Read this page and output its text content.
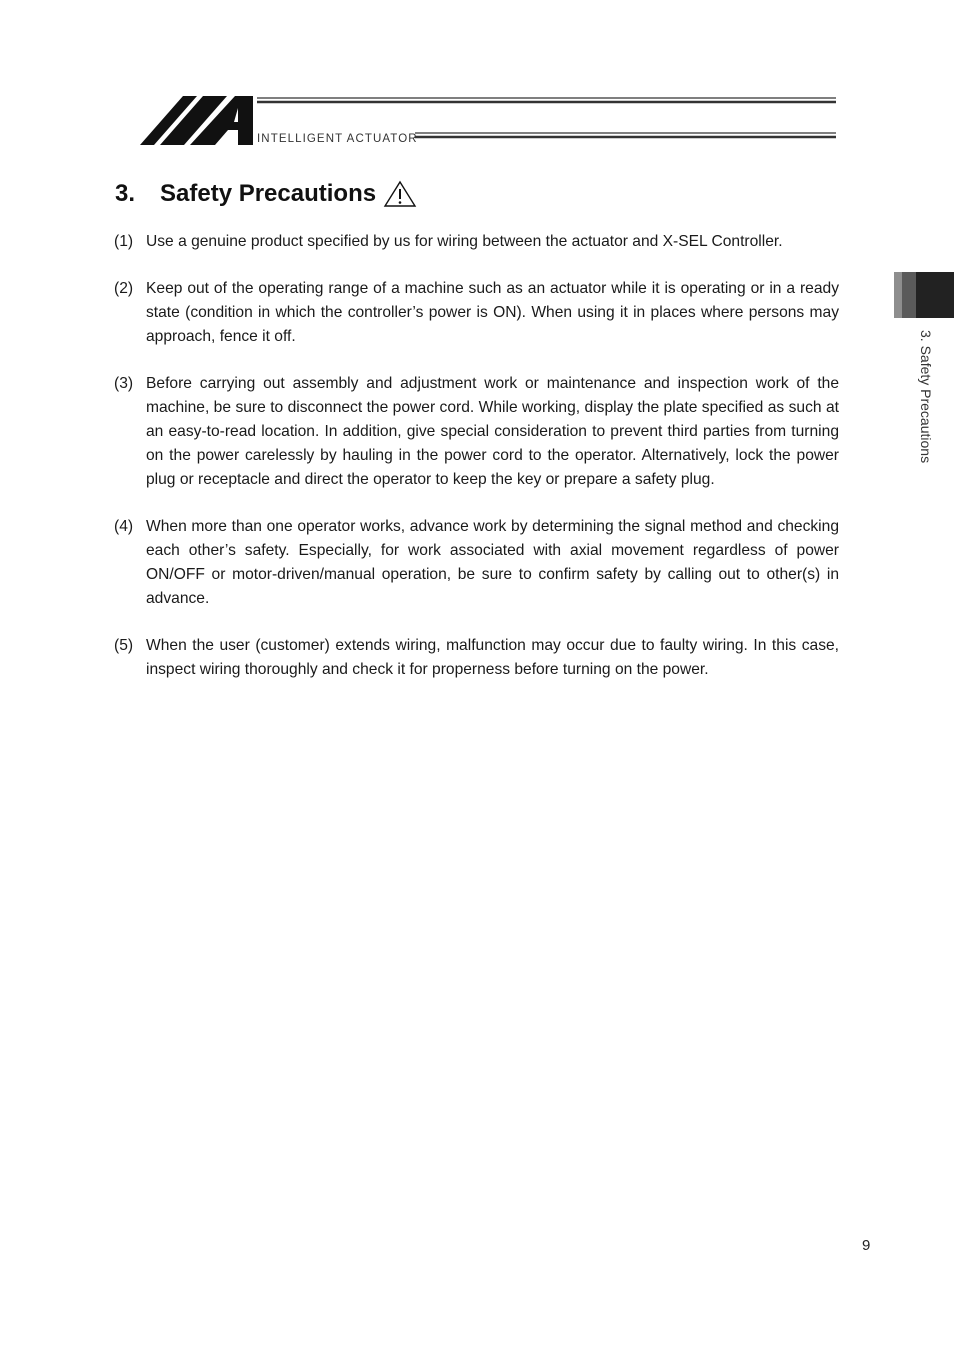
INTELLIGENT ACTUATOR
3.	Safety Precautions
(1) Use a genuine product specified by us for wiring between the actuator and X-SEL Controller.
(2) Keep out of the operating range of a machine such as an actuator while it is operating or in a ready state (condition in which the controller’s power is ON). When using it in places where persons may approach, fence it off.
(3) Before carrying out assembly and adjustment work or maintenance and inspection work of the machine, be sure to disconnect the power cord. While working, display the plate specified as such at an easy-to-read location. In addition, give special consideration to prevent third parties from turning on the power carelessly by hauling in the power cord to the operator. Alternatively, lock the power plug or receptacle and direct the operator to keep the key or prepare a safety plug.
(4) When more than one operator works, advance work by determining the signal method and checking each other’s safety. Especially, for work associated with axial movement regardless of power ON/OFF or motor-driven/manual operation, be sure to confirm safety by calling out to other(s) in advance.
(5) When the user (customer) extends wiring, malfunction may occur due to faulty wiring. In this case, inspect wiring thoroughly and check it for properness before turning on the power.
3. Safety Precautions
9
